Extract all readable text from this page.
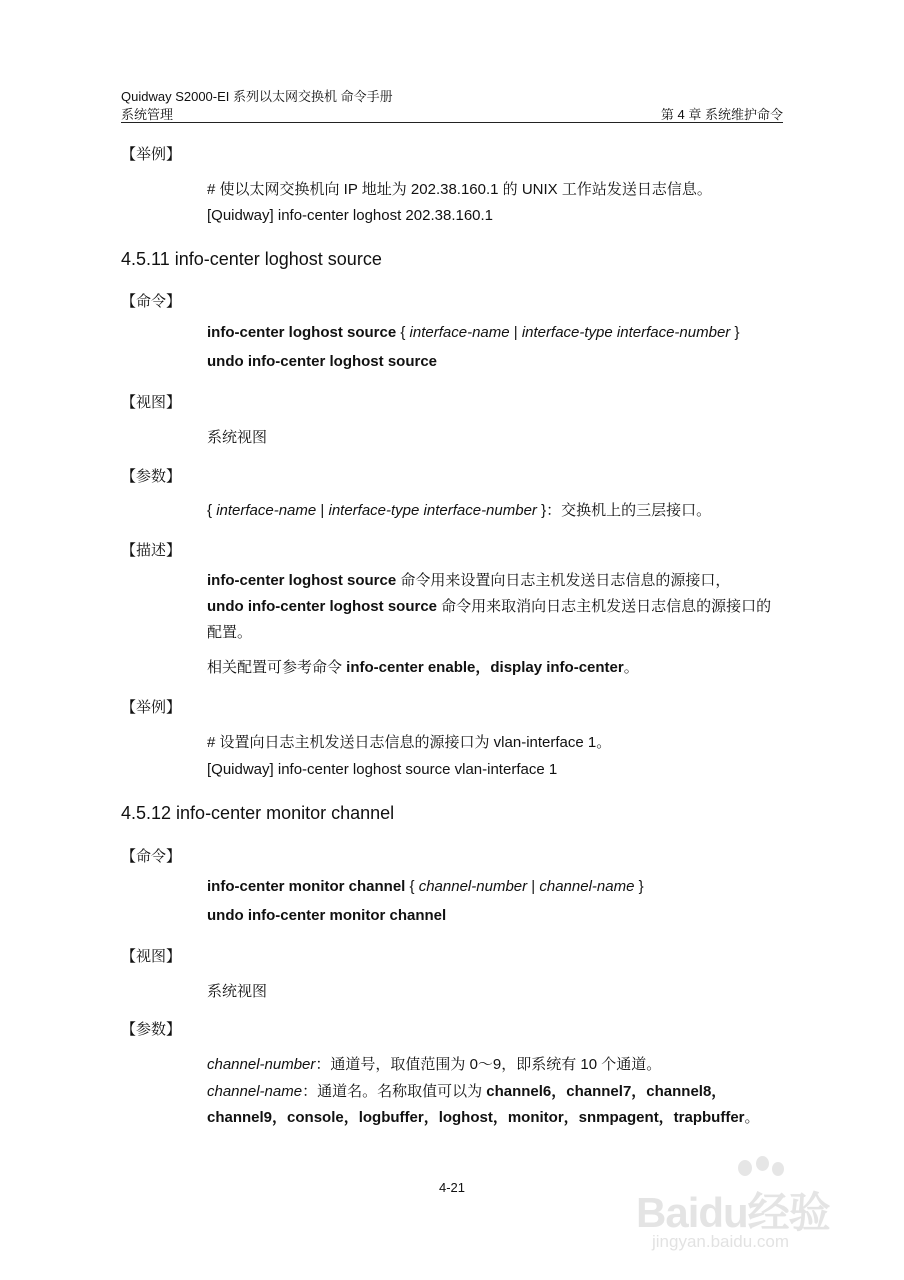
Quidway S2000-EI 系列以太网交换机 命令手册
系统管理	第 4 章 系统维护命令
【举例】
# 使以太网交换机向 IP 地址为 202.38.160.1 的 UNIX 工作站发送日志信息。
[Quidway] info-center loghost 202.38.160.1
4.5.11 info-center loghost source
【命令】
info-center loghost source { interface-name | interface-type interface-number }
undo info-center loghost source
【视图】
系统视图
【参数】
{ interface-name | interface-type interface-number }：交换机上的三层接口。
【描述】
info-center loghost source 命令用来设置向日志主机发送日志信息的源接口，
undo info-center loghost source 命令用来取消向日志主机发送日志信息的源接口的配置。
相关配置可参考命令 info-center enable，display info-center。
【举例】
# 设置向日志主机发送日志信息的源接口为 vlan-interface 1。
[Quidway] info-center loghost source vlan-interface 1
4.5.12 info-center monitor channel
【命令】
info-center monitor channel { channel-number | channel-name }
undo info-center monitor channel
【视图】
系统视图
【参数】
channel-number：通道号，取值范围为 0～9，即系统有 10 个通道。
channel-name：通道名。名称取值可以为 channel6，channel7，channel8，
channel9，console，logbuffer，loghost，monitor，snmpagent，trapbuffer。
4-21
Baidu经验
jingyan.baidu.com
